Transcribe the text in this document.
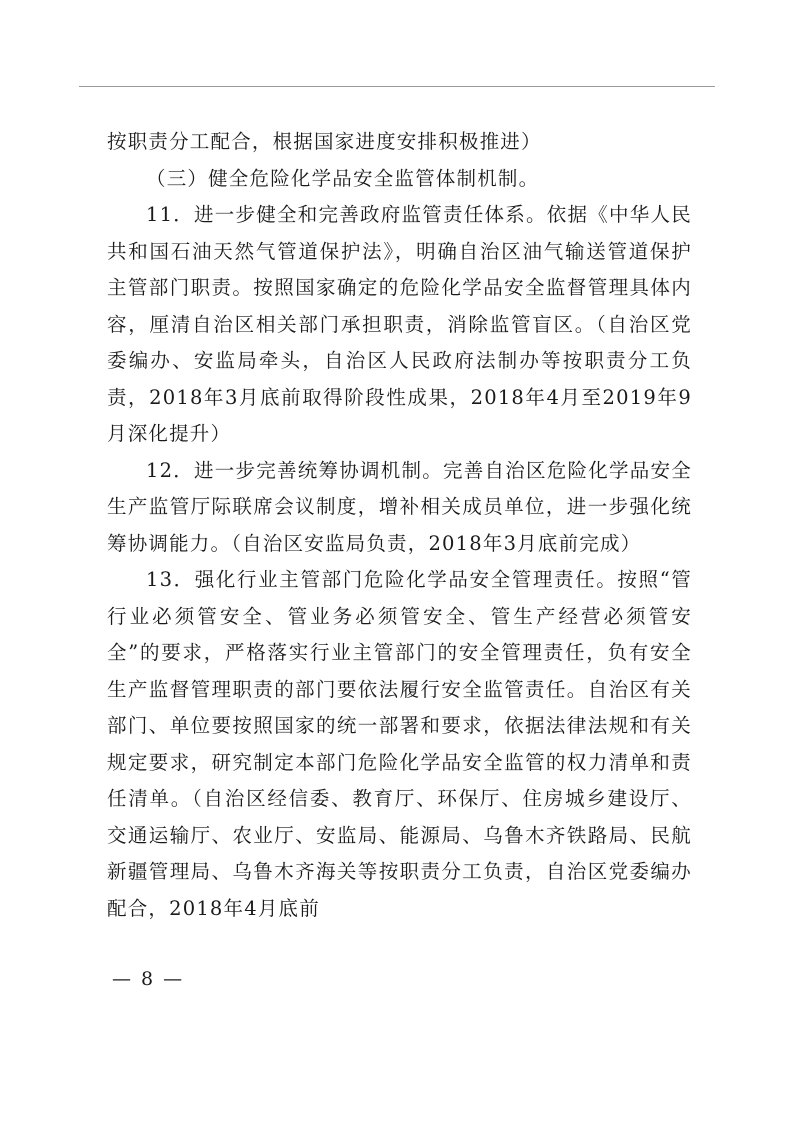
按职责分工配合，根据国家进度安排积极推进）

（三）健全危险化学品安全监管体制机制。

11．进一步健全和完善政府监管责任体系。依据《中华人民共和国石油天然气管道保护法》，明确自治区油气输送管道保护主管部门职责。按照国家确定的危险化学品安全监督管理具体内容，厘清自治区相关部门承担职责，消除监管盲区。（自治区党委编办、安监局牵头，自治区人民政府法制办等按职责分工负责，2018年3月底前取得阶段性成果，2018年4月至2019年9月深化提升）

12．进一步完善统筹协调机制。完善自治区危险化学品安全生产监管厅际联席会议制度，增补相关成员单位，进一步强化统筹协调能力。（自治区安监局负责，2018年3月底前完成）

13．强化行业主管部门危险化学品安全管理责任。按照“管行业必须管安全、管业务必须管安全、管生产经营必须管安全”的要求，严格落实行业主管部门的安全管理责任，负有安全生产监督管理职责的部门要依法履行安全监管责任。自治区有关部门、单位要按照国家的统一部署和要求，依据法律法规和有关规定要求，研究制定本部门危险化学品安全监管的权力清单和责任清单。（自治区经信委、教育厅、环保厅、住房城乡建设厅、交通运输厅、农业厅、安监局、能源局、乌鲁木齐铁路局、民航新疆管理局、乌鲁木齐海关等按职责分工负责，自治区党委编办配合，2018年4月底前

— 8 —
